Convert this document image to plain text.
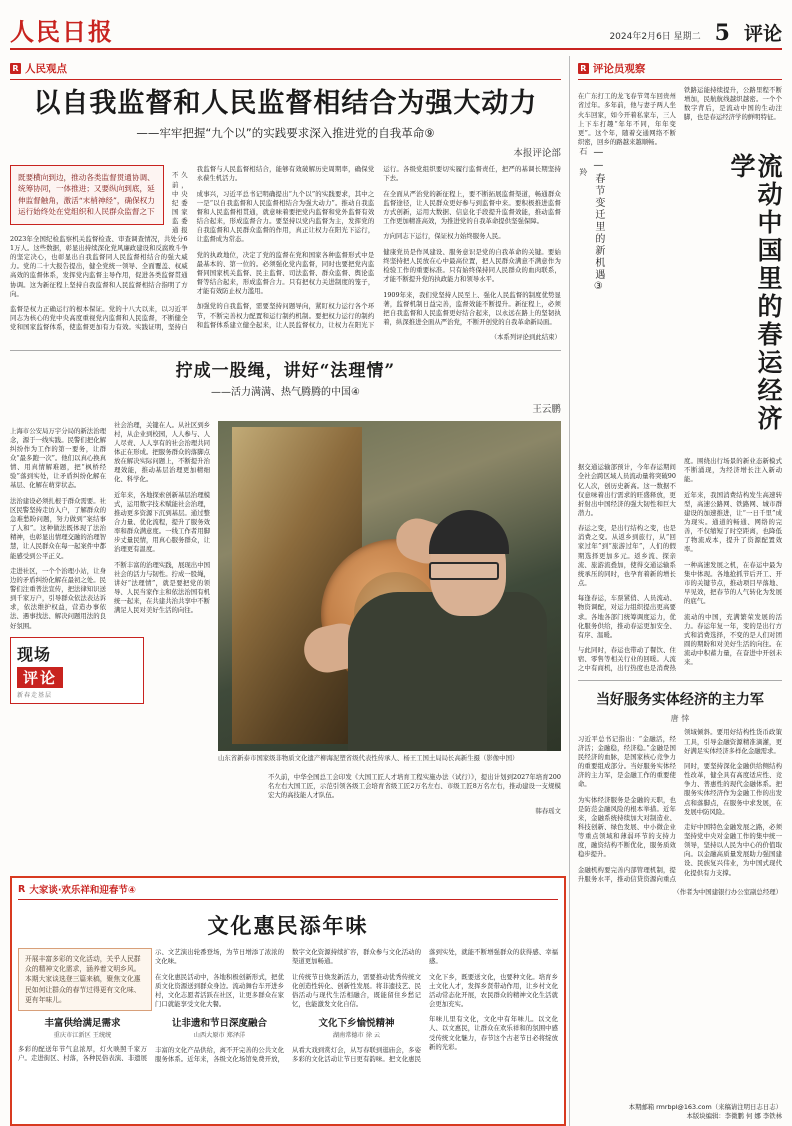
人民日报	2024年2月6日 星期二 5 评论
R 人民观点
以自我监督和人民监督相结合为强大动力
——牢牢把握“九个以”的实践要求深入推进党的自我革命⑨
本报评论部
既要横向到边，推动各类监督贯通协调、统筹协同，一体推进；又要纵向到底，延伸监督触角，激活“末梢神经”，确保权力运行始终处在党组织和人民群众监督之下

不久前，中央纪委国家监委通报2023年全国纪检监察机关监督检查、审查调查情况，共处分61万人。这些数据，彰显出持续深化党风廉政建设和反腐败斗争的坚定决心，也彰显出自我监督同人民监督相结合的强大威力。党的二十大报告提出，健全党统一领导、全面覆盖、权威高效的监督体系，发挥党内监督主导作用，促进各类监督贯通协调。这为新征程上坚持自我监督和人民监督相结合指明了方向。

监督是权力正确运行的根本保证。党的十八大以来，以习近平同志为核心的党中央高度重视党内监督和人民监督，不断健全党和国家监督体系，使监督更加有力有效。实践证明，坚持自我监督与人民监督相结合，能够有效破解历史周期率，确保党永葆生机活力。

成事兴，习近平总书记明确提出“九个以”的实践要求，其中之一是“以自我监督和人民监督相结合为强大动力”。推动自我监督和人民监督相贯通，就意味着要把党内监督和党外监督有效结合起来，形成监督合力。要坚持以党内监督为主，发挥党的自我监督和人民群众监督的作用，真正让权力在阳光下运行，让监督成为常态。

党的执政地位，决定了党的监督在党和国家各种监督形式中是最基本的、第一位的。必须强化党内监督，同时也要把党内监督同国家机关监督、民主监督、司法监督、群众监督、舆论监督等结合起来，形成监督合力。只有把权力关进制度的笼子，才能有效防止权力滥用。

加强党的自我监督，需要坚持问题导向，紧盯权力运行各个环节，不断完善权力配置和运行制约机制。要把权力运行的制约和监督体系建立健全起来，让人民监督权力，让权力在阳光下运行。各级党组织要切实履行监督责任，把严的基调长期坚持下去。

在全面从严治党的新征程上，要不断拓展监督渠道，畅通群众监督途径，让人民群众更好参与到监督中来。要积极推进监督方式创新，运用大数据、信息化手段提升监督效能，推动监督工作更加精准高效，为推进党的自我革命提供坚强保障。

方向同志下运行，保证权力始终服务人民。

健康党员是作风建设、服务意识是党的自我革命的关键。要始终坚持把人民放在心中最高位置，把人民群众满意不满意作为检验工作的重要标准。只有始终保持同人民群众的血肉联系，才能不断提升党的执政能力和领导水平。

1909年来，我们党坚持人民至上、强化人民监督的制度优势显著，监督机制日益完善，监督效能不断提升。新征程上，必须把自我监督和人民监督更好结合起来，以永远在路上的坚韧执着，纵深推进全面从严治党，不断开创党的自我革命新局面。

（本系列评论到此结束）

拧成一股绳，讲好“法理情”
——活力满满、热气腾腾的中国④
王云鹏

上海市公安局万宇分局的新法治理念，源于一线实践。民警们把化解纠纷作为工作的第一要务，让群众“最多跑一次”。他们以真心换真情、用真情解难题，把“枫桥经验”落到实处，让矛盾纠纷化解在基层、化解在萌芽状态。

法治建设必须扎根于群众需要。社区民警坚持走访入户，了解群众的急难愁盼问题，努力做到“案结事了人和”。这种做法既体现了法治精神，也彰显出情理交融的治理智慧，让人民群众在每一起案件中都能感受到公平正义。

走进社区，一个个治理小站，让身边的矛盾纠纷化解在最初之处。民警们注重普法宣传，把法律知识送到千家万户，引导群众依法表达诉求，依法维护权益，营造办事依法、遇事找法、解决问题用法的良好氛围。

社会治理，关键在人。从社区到乡村，从企业到校园，人人参与、人人尽责、人人享有的社会治理共同体正在形成。把服务群众的落脚点放在解决实际问题上，不断提升治理效能，推动基层治理更加精细化、科学化。

近年来，各地探索创新基层治理模式，运用数字技术赋能社会治理，推动更多资源下沉到基层。通过整合力量、优化流程，提升了服务效率和群众满意度。一线工作者用脚步丈量民情，用真心服务群众，让治理更有温度。

不断丰富的治理实践，展现出中国社会的活力与韧性。拧成一股绳，讲好“法理情”，就是要把党的领导、人民当家作主和依法治国有机统一起来，在共建共治共享中不断满足人民对美好生活的向往。

现场
评论
新春走基层
山东省新泰市国家级非物质文化遗产柳海泥塑省级代表性传承人、杨王工国土局局长高新生摄（影像中国）

不久前，中华全国总工会印发《大国工匠人才培育工程实施办法（试行）》，提出计划到2027年培育200名左右大国工匠，示范引领各级工会培育省级工匠2万名左右、市级工匠8万名左右，推动建设一支规模宏大的高技能人才队伍。

韩春瑶文

R 大家谈·欢乐祥和迎春节④
文化惠民添年味
开展丰富多彩的文化活动，关乎人民群众的精神文化需求，涵养着文明乡风。本期大家谈选登三篇来稿，聚焦文化惠民如何让群众的春节过得更有文化味、更有年味儿。
丰富供给满足需求
重庆市江新区 王统统

多彩的配送年节气息浓厚，灯火映照千家万户。走进街区、村落，各种民俗表演、非遗展示、文艺演出轮番登场，为节日增添了浓浓的文化味。

在文化惠民活动中，各地积极创新形式，把优质文化资源送到群众身边。流动舞台车开进乡村，文化志愿者活跃在社区，让更多群众在家门口就能享受文化大餐。

让非遗和节日深度融合
山西大原市 郑泽洋

丰富的文化产品供给，离不开完善的公共文化服务体系。近年来，各级文化场馆免费开放，数字文化资源持续扩容，群众参与文化活动的渠道更加畅通。

让传统节日焕发新活力，需要推动优秀传统文化创造性转化、创新性发展。将非遗技艺、民俗活动与现代生活相融合，既能留住乡愁记忆，也能激发文化自信。

文化下乡愉悦精神
湖南常德市 徐 云

从看大戏到赏灯会，从写春联到逛庙会，多姿多彩的文化活动让节日更有韵味。把文化惠民落到实处，就能不断增强群众的获得感、幸福感。

文化下乡，既要送文化，也要种文化。培育乡土文化人才，发挥乡贤带动作用，让乡村文化活动常态化开展，农民群众的精神文化生活就会更加充实。

年味儿里有文化，文化中有年味儿。以文化人、以文惠民，让群众在欢乐祥和的氛围中感受传统文化魅力，春节这个古老节日必将绽放新的光彩。

R 评论员观察

在广东打工的龙飞春节驾车回贵州省过年。多年前，他与妻子两人坐火车回家，如今开着私家车，三人上下车打趣“年年不同，年年变更”。这个年，随着交通网络不断织密，回乡的路越来越顺畅。

铁路运能持续提升，公路里程不断增加，民航航线越织越密。一个个数字背后，是流动中国的生动注脚，也是春运经济学的鲜明特征。

流动中国里的春运经济学
——春节变迁里的新机遇③
石 羚

据交通运输部预计，今年春运期间全社会跨区域人员流动量将突破90亿人次，创历史新高。这一数据不仅意味着出行需求的旺盛释放，更折射出中国经济的强大韧性和巨大潜力。

春运之变，是出行结构之变，也是消费之变。从返乡到旅行，从“回家过年”到“旅游过年”，人们的假期选择更加多元。返乡流、探亲流、旅游流叠加，使得交通运输系统承压的同时，也孕育着新的增长点。

每逢春运，车票紧俏、人员流动、物资调配，对运力组织提出更高要求。各地各部门统筹调度运力，优化服务供给，推动春运更加安全、有序、温暖。

与此同时，春运也带动了餐饮、住宿、零售等相关行业的回暖。人流之中有商机，出行热度也是消费热度。围绕出行场景的新业态新模式不断涌现，为经济增长注入新动能。

近年来，我国消费结构发生高速转型，高速公路网、铁路网、城市群建设的加速推进，让“一日千里”成为现实。通道的畅通、网络的完善，不仅缩短了时空距离，也降低了物流成本，提升了资源配置效率。

一种高速发展之机，在春运中最为集中体现。各地抢抓节后开工、开市的关键节点，推动项目早落地、早见效，把春节的人气转化为发展的底气。

流动的中国，充满繁荣发展的活力。春运年复一年，变的是出行方式和消费选择，不变的是人们对团圆的期盼和对美好生活的向往。在流动中积蓄力量，在奋进中开创未来。

当好服务实体经济的主力军
唐 悻

习近平总书记指出：“金融活，经济活；金融稳，经济稳。”金融是国民经济的血脉，是国家核心竞争力的重要组成部分。当好服务实体经济的主力军，是金融工作的重要使命。

为实体经济服务是金融的天职，也是防范金融风险的根本举措。近年来，金融系统持续加大对制造业、科技创新、绿色发展、中小微企业等重点领域和薄弱环节的支持力度，融资结构不断优化，服务质效稳步提升。

金融机构要完善内部管理机制，提升服务水平，推动信贷资源向重点领域倾斜。要用好结构性货币政策工具，引导金融资源精准滴灌，更好满足实体经济多样化金融需求。

同时，要坚持深化金融供给侧结构性改革，健全具有高度适应性、竞争力、普惠性的现代金融体系。把服务实体经济作为金融工作的出发点和落脚点，在服务中求发展，在发展中防风险。

走好中国特色金融发展之路，必须坚持党中央对金融工作的集中统一领导，坚持以人民为中心的价值取向。以金融高质量发展助力强国建设、民族复兴伟业，为中国式现代化提供有力支撑。

（作者为中国建银行办公室副总经理）

本期邮箱 rmrbpl@163.com（来稿请注明日志日志）
本版块编辑：李微鹏 何 娜 李铁林
